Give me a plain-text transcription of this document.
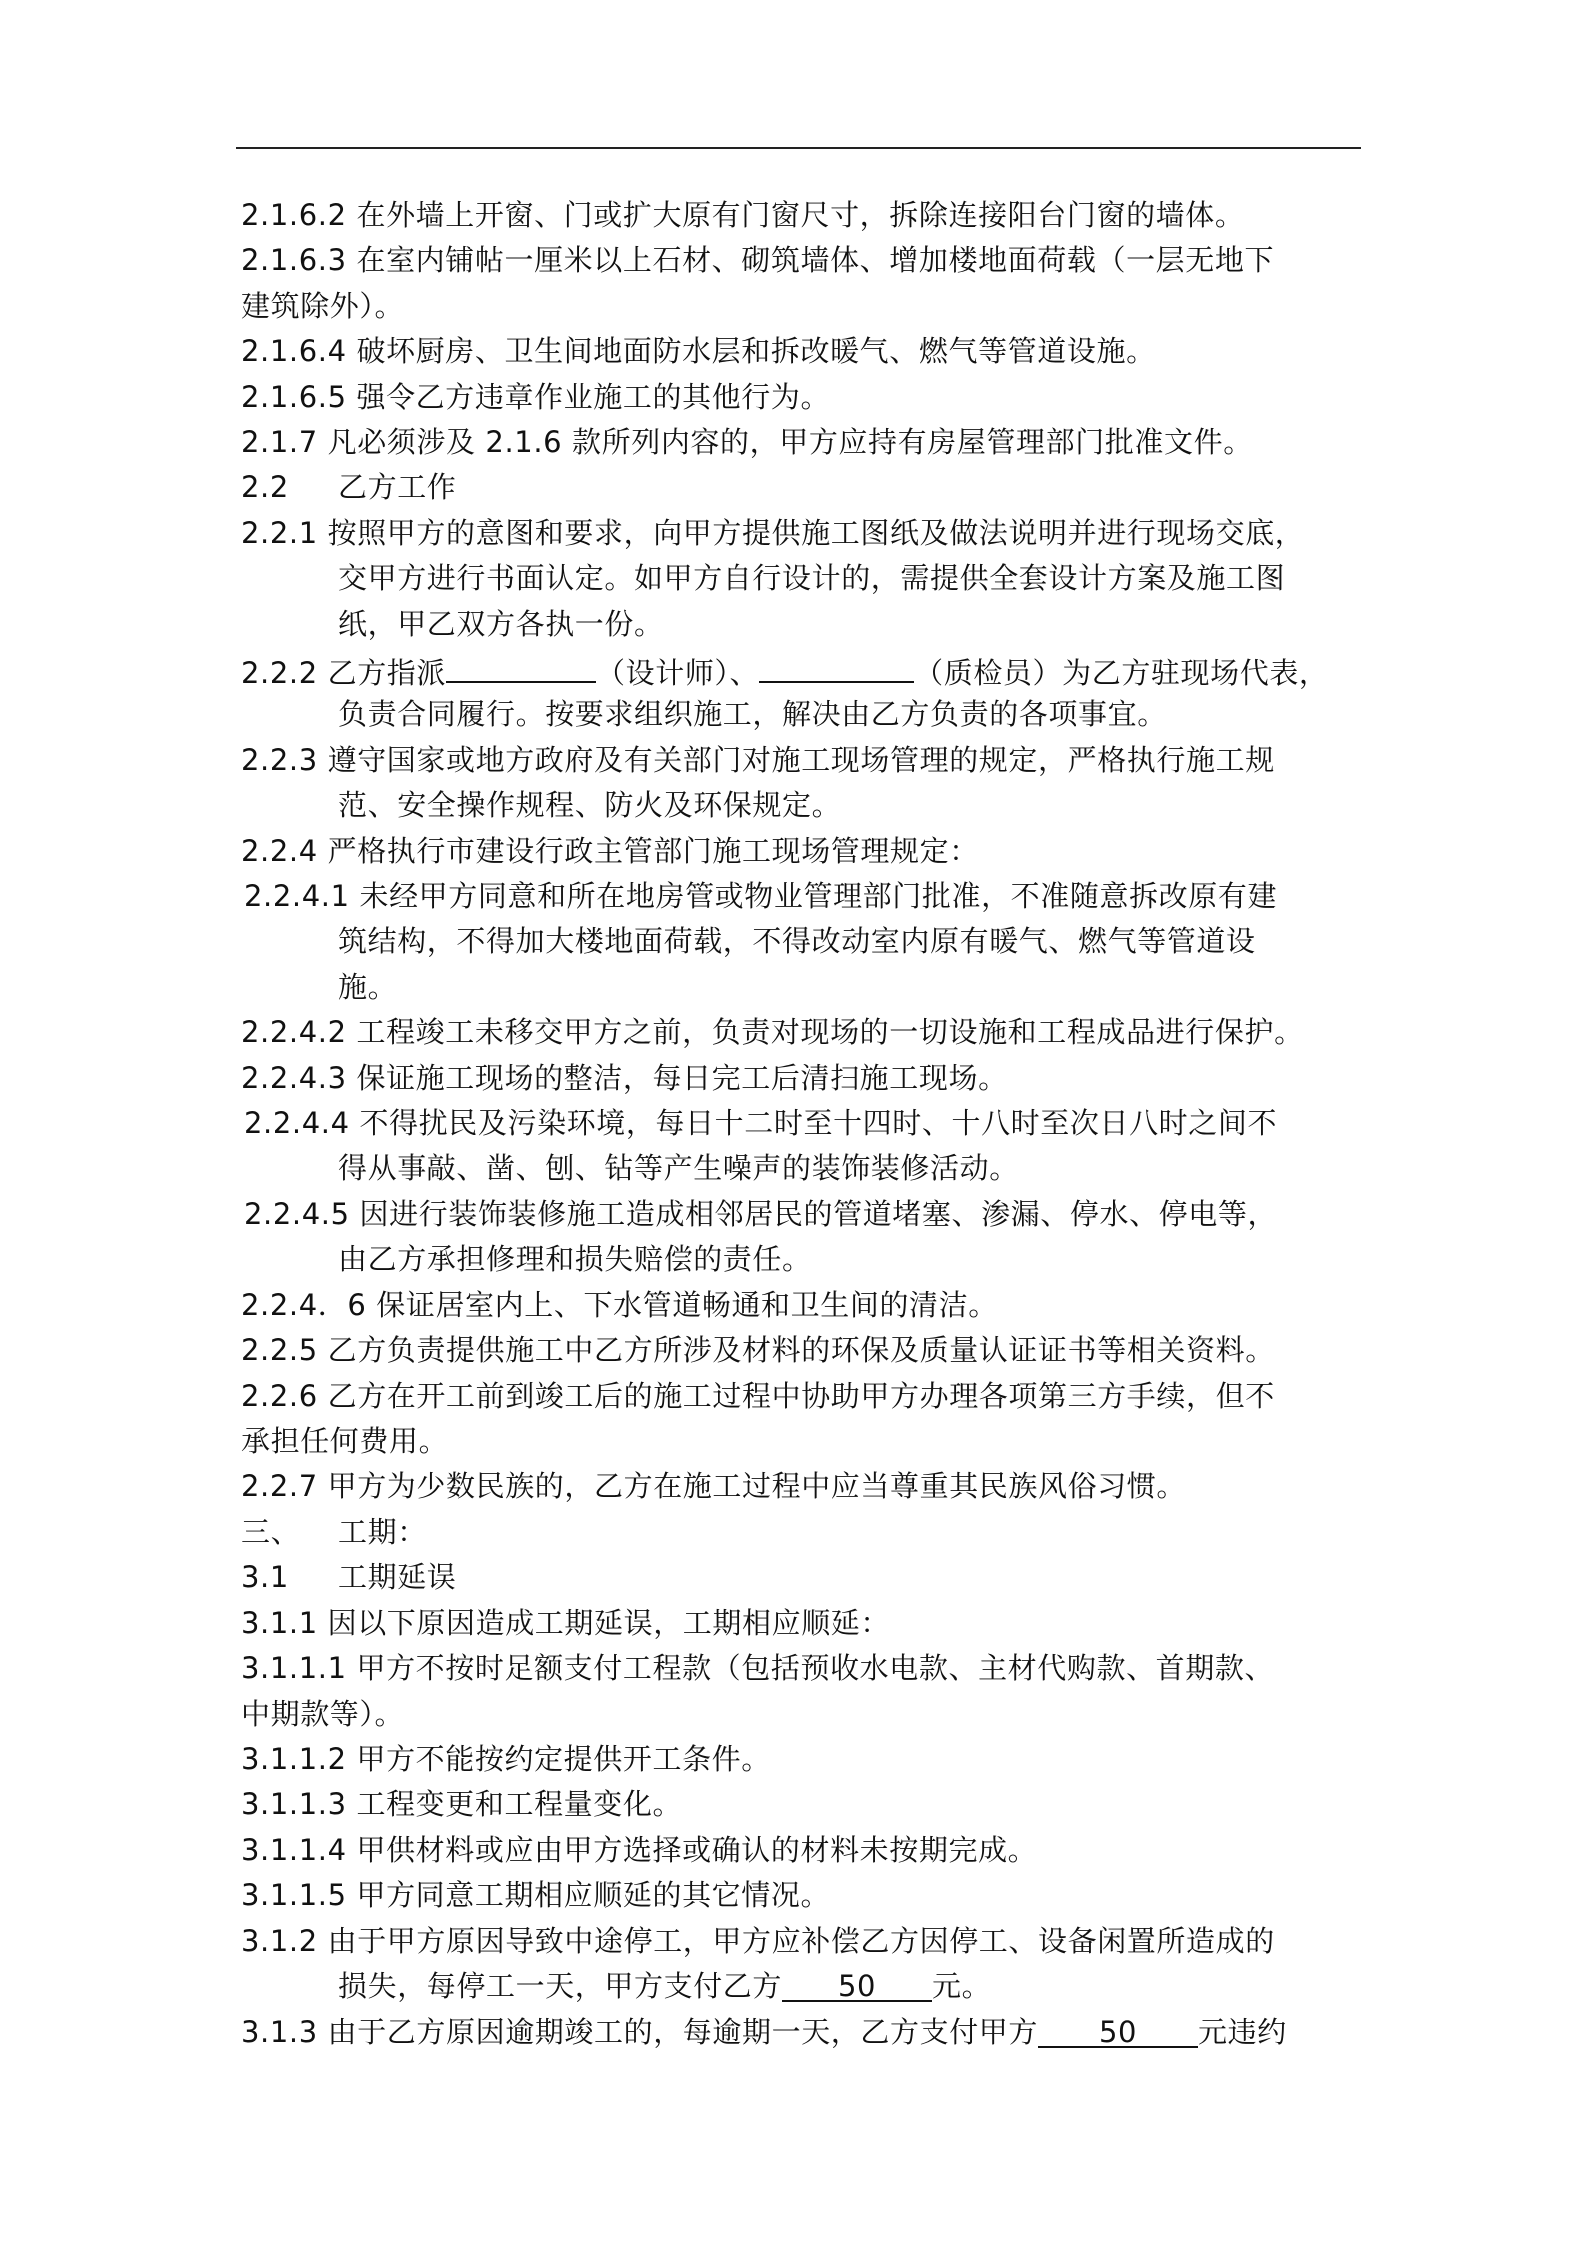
2.1.6.2 在外墙上开窗、门或扩大原有门窗尺寸，拆除连接阳台门窗的墙体。
2.1.6.3 在室内铺帖一厘米以上石材、砌筑墙体、增加楼地面荷载（一层无地下
建筑除外）。
2.1.6.4 破坏厨房、卫生间地面防水层和拆改暖气、燃气等管道设施。
2.1.6.5 强令乙方违章作业施工的其他行为。
2.1.7 凡必须涉及 2.1.6 款所列内容的，甲方应持有房屋管理部门批准文件。
2.2 乙方工作
2.2.1 按照甲方的意图和要求，向甲方提供施工图纸及做法说明并进行现场交底，
交甲方进行书面认定。如甲方自行设计的，需提供全套设计方案及施工图
纸，甲乙双方各执一份。
2.2.2 乙方指派	（设计师）、	（质检员）为乙方驻现场代表，
负责合同履行。按要求组织施工，解决由乙方负责的各项事宜。
2.2.3 遵守国家或地方政府及有关部门对施工现场管理的规定，严格执行施工规
范、安全操作规程、防火及环保规定。
2.2.4 严格执行市建设行政主管部门施工现场管理规定：
2.2.4.1 未经甲方同意和所在地房管或物业管理部门批准，不准随意拆改原有建
筑结构，不得加大楼地面荷载，不得改动室内原有暖气、燃气等管道设
施。
2.2.4.2 工程竣工未移交甲方之前，负责对现场的一切设施和工程成品进行保护。
2.2.4.3 保证施工现场的整洁，每日完工后清扫施工现场。
2.2.4.4 不得扰民及污染环境，每日十二时至十四时、十八时至次日八时之间不
得从事敲、凿、刨、钻等产生噪声的装饰装修活动。
2.2.4.5 因进行装饰装修施工造成相邻居民的管道堵塞、渗漏、停水、停电等，
由乙方承担修理和损失赔偿的责任。
2.2.4．6 保证居室内上、下水管道畅通和卫生间的清洁。
2.2.5 乙方负责提供施工中乙方所涉及材料的环保及质量认证证书等相关资料。
2.2.6 乙方在开工前到竣工后的施工过程中协助甲方办理各项第三方手续，但不
承担任何费用。
2.2.7 甲方为少数民族的，乙方在施工过程中应当尊重其民族风俗习惯。
三、 工期：
3.1 工期延误
3.1.1 因以下原因造成工期延误，工期相应顺延：
3.1.1.1 甲方不按时足额支付工程款（包括预收水电款、主材代购款、首期款、
中期款等）。
3.1.1.2 甲方不能按约定提供开工条件。
3.1.1.3 工程变更和工程量变化。
3.1.1.4 甲供材料或应由甲方选择或确认的材料未按期完成。
3.1.1.5 甲方同意工期相应顺延的其它情况。
3.1.2 由于甲方原因导致中途停工，甲方应补偿乙方因停工、设备闲置所造成的
损失，每停工一天，甲方支付乙方 50 元。
3.1.3 由于乙方原因逾期竣工的，每逾期一天，乙方支付甲方 50 元违约
